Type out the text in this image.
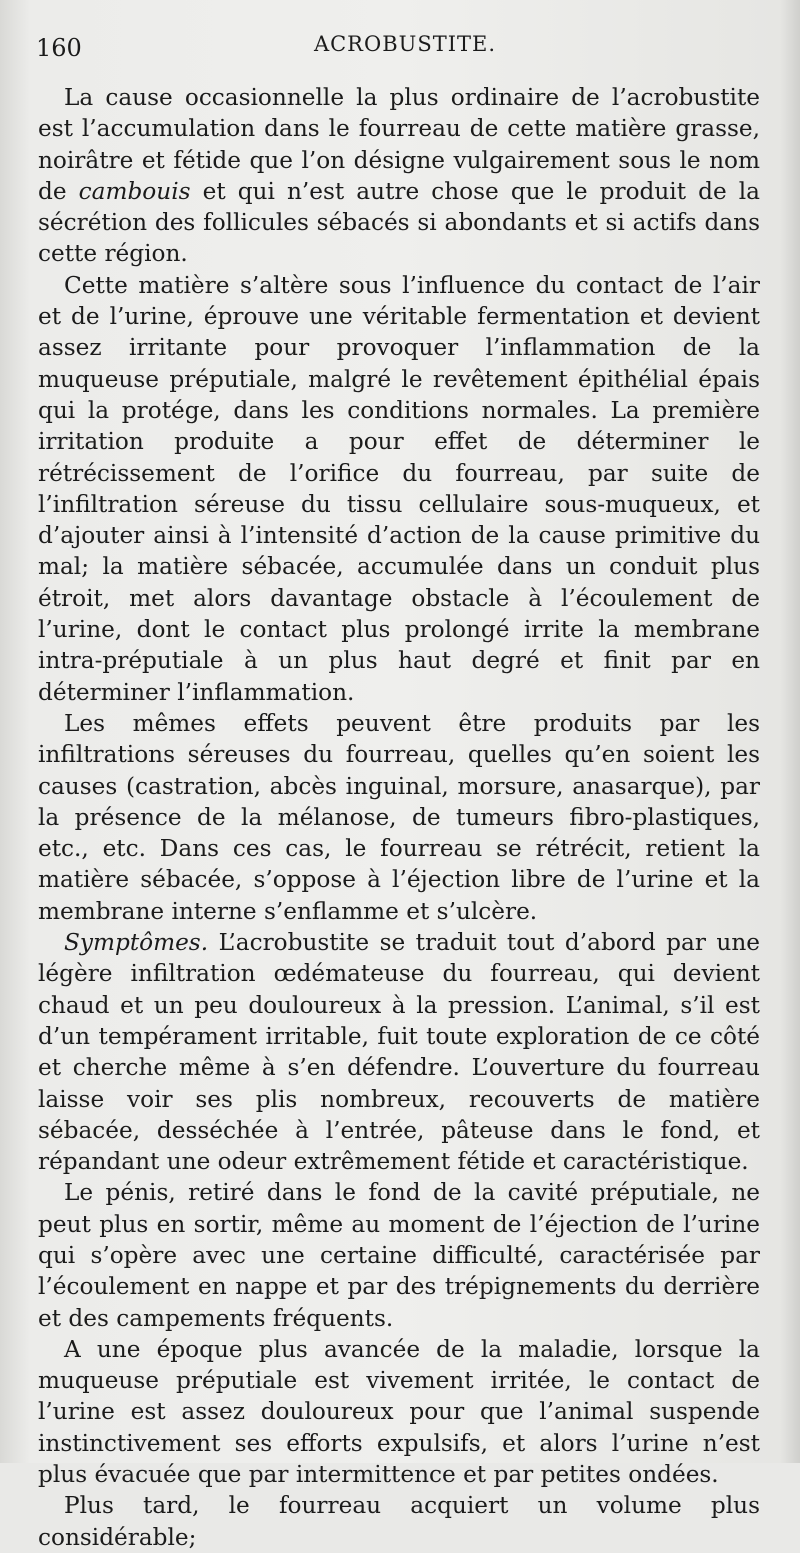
160	ACROBUSTITE.

La cause occasionnelle la plus ordinaire de l’acrobustite est l’accumulation dans le fourreau de cette matière grasse, noirâtre et fétide que l’on désigne vulgairement sous le nom de cambouis et qui n’est autre chose que le produit de la sécrétion des follicules sébacés si abondants et si actifs dans cette région.

Cette matière s’altère sous l’influence du contact de l’air et de l’urine, éprouve une véritable fermentation et devient assez irritante pour provoquer l’inflammation de la muqueuse préputiale, malgré le revêtement épithélial épais qui la protége, dans les conditions normales. La première irritation produite a pour effet de déterminer le rétrécissement de l’orifice du fourreau, par suite de l’infiltration séreuse du tissu cellulaire sous-muqueux, et d’ajouter ainsi à l’intensité d’action de la cause primitive du mal; la matière sébacée, accumulée dans un conduit plus étroit, met alors davantage obstacle à l’écoulement de l’urine, dont le contact plus prolongé irrite la membrane intra-préputiale à un plus haut degré et finit par en déterminer l’inflammation.

Les mêmes effets peuvent être produits par les infiltrations séreuses du fourreau, quelles qu’en soient les causes (castration, abcès inguinal, morsure, anasarque), par la présence de la mélanose, de tumeurs fibro-plastiques, etc., etc. Dans ces cas, le fourreau se rétrécit, retient la matière sébacée, s’oppose à l’éjection libre de l’urine et la membrane interne s’enflamme et s’ulcère.

Symptômes. L’acrobustite se traduit tout d’abord par une légère infiltration œdémateuse du fourreau, qui devient chaud et un peu douloureux à la pression. L’animal, s’il est d’un tempérament irritable, fuit toute exploration de ce côté et cherche même à s’en défendre. L’ouverture du fourreau laisse voir ses plis nombreux, recouverts de matière sébacée, desséchée à l’entrée, pâteuse dans le fond, et répandant une odeur extrêmement fétide et caractéristique.

Le pénis, retiré dans le fond de la cavité préputiale, ne peut plus en sortir, même au moment de l’éjection de l’urine qui s’opère avec une certaine difficulté, caractérisée par l’écoulement en nappe et par des trépignements du derrière et des campements fréquents.

A une époque plus avancée de la maladie, lorsque la muqueuse préputiale est vivement irritée, le contact de l’urine est assez douloureux pour que l’animal suspende instinctivement ses efforts expulsifs, et alors l’urine n’est plus évacuée que par intermittence et par petites ondées.

Plus tard, le fourreau acquiert un volume plus considérable;
